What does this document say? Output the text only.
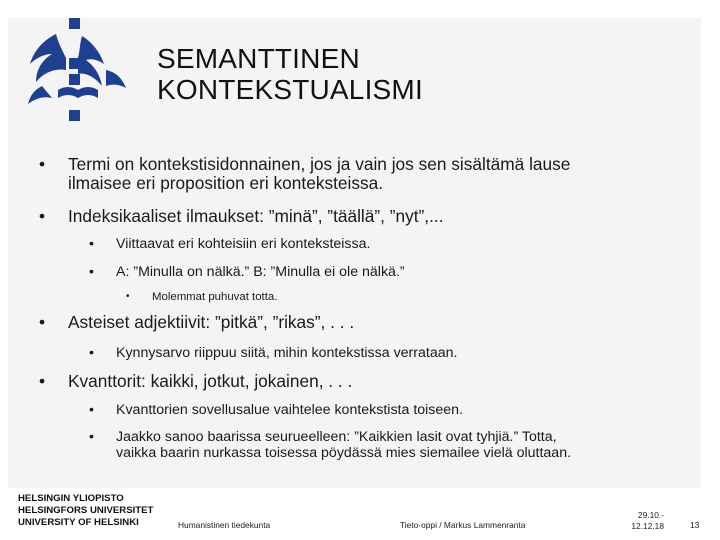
SEMANTTINEN
KONTEKSTUALISMI
• Termi on kontekstisidonnainen, jos ja vain jos sen sisältämä lause
ilmaisee eri proposition eri konteksteissa.
• Indeksikaaliset ilmaukset: ”minä”, ”täällä”, ”nyt”,...
• Viittaavat eri kohteisiin eri konteksteissa.
• A: ”Minulla on nälkä.” B: ”Minulla ei ole nälkä.”
• Molemmat puhuvat totta.
• Asteiset adjektiivit: ”pitkä”, ”rikas”, . . .
• Kynnysarvo riippuu siitä, mihin kontekstissa verrataan.
• Kvanttorit: kaikki, jotkut, jokainen, . . .
• Kvanttorien sovellusalue vaihtelee kontekstista toiseen.
• Jaakko sanoo baarissa seurueelleen: ”Kaikkien lasit ovat tyhjiä.” Totta,
vaikka baarin nurkassa toisessa pöydässä mies siemailee vielä oluttaan.
HELSINGIN YLIOPISTO
HELSINGFORS UNIVERSITET
UNIVERSITY OF HELSINKI	Humanistinen tiedekunta	Tieto-oppi / Markus Lammenranta
29.10.-
12.12.18	13
